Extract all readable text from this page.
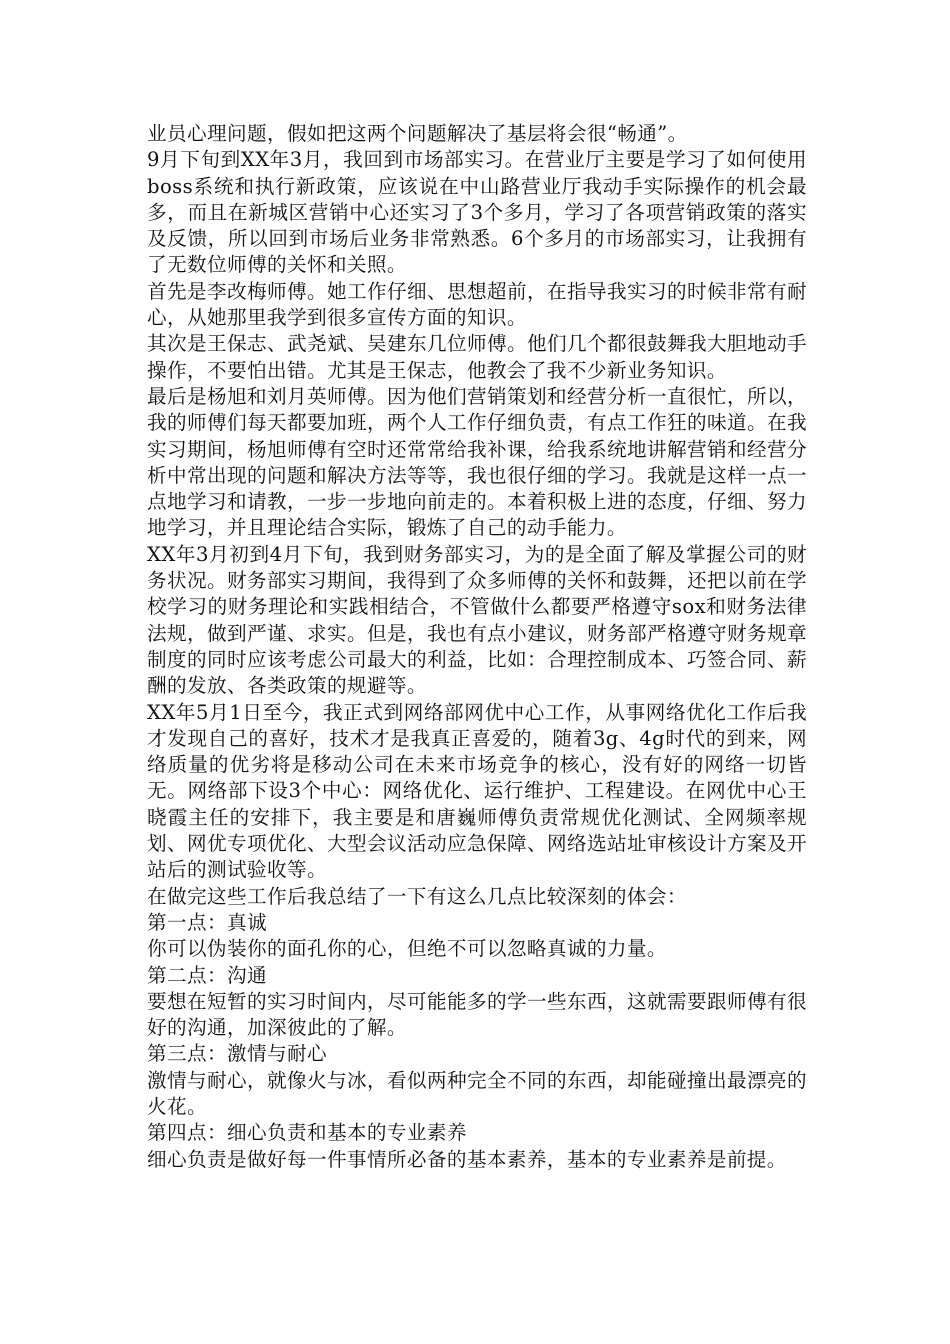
业员心理问题，假如把这两个问题解决了基层将会很“畅通”。

9月下旬到XX年3月，我回到市场部实习。在营业厅主要是学习了如何使用boss系统和执行新政策，应该说在中山路营业厅我动手实际操作的机会最多，而且在新城区营销中心还实习了3个多月，学习了各项营销政策的落实及反馈，所以回到市场后业务非常熟悉。6个多月的市场部实习，让我拥有了无数位师傅的关怀和关照。

首先是李改梅师傅。她工作仔细、思想超前，在指导我实习的时候非常有耐心，从她那里我学到很多宣传方面的知识。

其次是王保志、武尧斌、吴建东几位师傅。他们几个都很鼓舞我大胆地动手操作，不要怕出错。尤其是王保志，他教会了我不少新业务知识。

最后是杨旭和刘月英师傅。因为他们营销策划和经营分析一直很忙，所以，我的师傅们每天都要加班，两个人工作仔细负责，有点工作狂的味道。在我实习期间，杨旭师傅有空时还常常给我补课，给我系统地讲解营销和经营分析中常出现的问题和解决方法等等，我也很仔细的学习。我就是这样一点一点地学习和请教，一步一步地向前走的。本着积极上进的态度，仔细、努力地学习，并且理论结合实际，锻炼了自己的动手能力。

XX年3月初到4月下旬，我到财务部实习，为的是全面了解及掌握公司的财务状况。财务部实习期间，我得到了众多师傅的关怀和鼓舞，还把以前在学校学习的财务理论和实践相结合，不管做什么都要严格遵守sox和财务法律法规，做到严谨、求实。但是，我也有点小建议，财务部严格遵守财务规章制度的同时应该考虑公司最大的利益，比如：合理控制成本、巧签合同、薪酬的发放、各类政策的规避等。

XX年5月1日至今，我正式到网络部网优中心工作，从事网络优化工作后我才发现自己的喜好，技术才是我真正喜爱的，随着3g、4g时代的到来，网络质量的优劣将是移动公司在未来市场竞争的核心，没有好的网络一切皆无。网络部下设3个中心：网络优化、运行维护、工程建设。在网优中心王晓霞主任的安排下，我主要是和唐巍师傅负责常规优化测试、全网频率规划、网优专项优化、大型会议活动应急保障、网络选站址审核设计方案及开站后的测试验收等。

在做完这些工作后我总结了一下有这么几点比较深刻的体会：

第一点：真诚

你可以伪装你的面孔你的心，但绝不可以忽略真诚的力量。

第二点：沟通

要想在短暂的实习时间内，尽可能能多的学一些东西，这就需要跟师傅有很好的沟通，加深彼此的了解。

第三点：激情与耐心

激情与耐心，就像火与冰，看似两种完全不同的东西，却能碰撞出最漂亮的火花。

第四点：细心负责和基本的专业素养

细心负责是做好每一件事情所必备的基本素养，基本的专业素养是前提。
